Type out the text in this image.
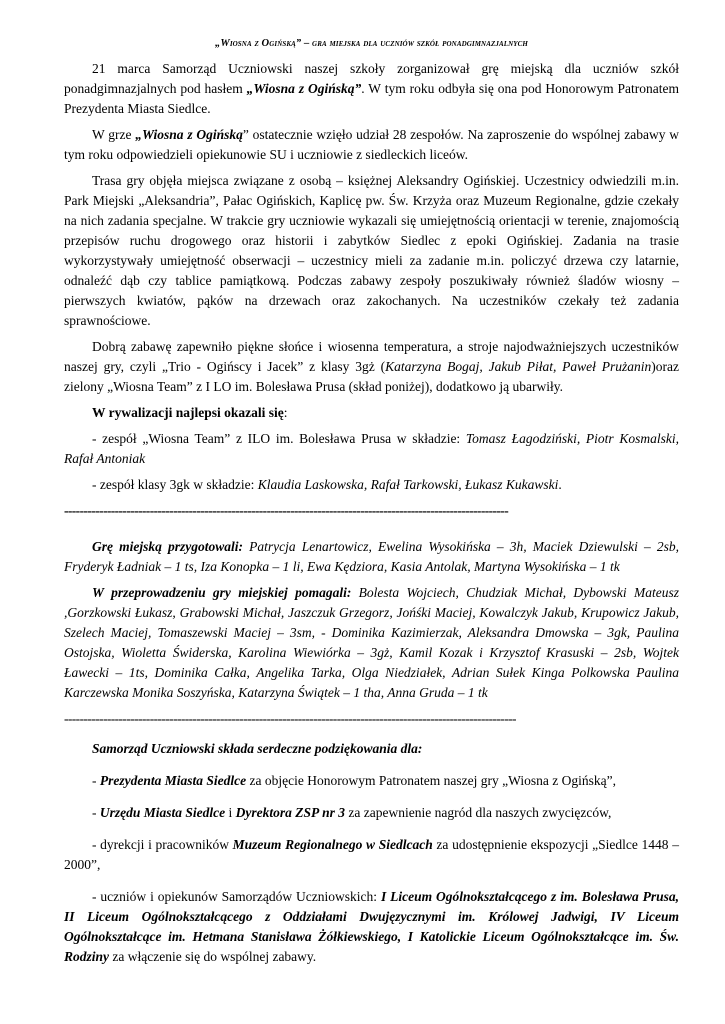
„Wiosna z Ogińską” – gra miejska dla uczniów szkół ponadgimnazjalnych

21 marca Samorząd Uczniowski naszej szkoły zorganizował grę miejską dla uczniów szkół ponadgimnazjalnych pod hasłem „Wiosna z Ogińską”. W tym roku odbyła się ona pod Honorowym Patronatem Prezydenta Miasta Siedlce.

W grze „Wiosna z Ogińską” ostatecznie wzięło udział 28 zespołów. Na zaproszenie do wspólnej zabawy w tym roku odpowiedzieli opiekunowie SU i uczniowie z siedleckich liceów.

Trasa gry objęła miejsca związane z osobą – księżnej Aleksandry Ogińskiej. Uczestnicy odwiedzili m.in. Park Miejski „Aleksandria”, Pałac Ogińskich, Kaplicę pw. Św. Krzyża oraz Muzeum Regionalne, gdzie czekały na nich zadania specjalne. W trakcie gry uczniowie wykazali się umiejętnością orientacji w terenie, znajomością przepisów ruchu drogowego oraz historii i zabytków Siedlec z epoki Ogińskiej. Zadania na trasie wykorzystywały umiejętność obserwacji – uczestnicy mieli za zadanie m.in. policzyć drzewa czy latarnie, odnaleźć dąb czy tablice pamiątkową. Podczas zabawy zespoły poszukiwały również śladów wiosny – pierwszych kwiatów, pąków na drzewach oraz zakochanych. Na uczestników czekały też zadania sprawnościowe.

Dobrą zabawę zapewniło piękne słońce i wiosenna temperatura, a stroje najodważniejszych uczestników naszej gry, czyli „Trio - Ogińscy i Jacek” z klasy 3gż (Katarzyna Bogaj, Jakub Piłat, Paweł Prużanin)oraz zielony „Wiosna Team” z I LO im. Bolesława Prusa (skład poniżej), dodatkowo ją ubarwiły.

W rywalizacji najlepsi okazali się:

- zespół „Wiosna Team” z ILO im. Bolesława Prusa w składzie: Tomasz Łagodziński, Piotr Kosmalski, Rafał Antoniak

- zespół klasy 3gk w składzie: Klaudia Laskowska, Rafał Tarkowski, Łukasz Kukawski.

------------------------------------------------------------------------------------------------------------------

Grę miejską przygotowali: Patrycja Lenartowicz, Ewelina Wysokińska – 3h, Maciek Dziewulski – 2sb, Fryderyk Ładniak – 1 ts, Iza Konopka – 1 li, Ewa Kędziora, Kasia Antolak, Martyna Wysokińska – 1 tk

W przeprowadzeniu gry miejskiej pomagali: Bolesta Wojciech, Chudziak Michał, Dybowski Mateusz ,Gorzkowski Łukasz, Grabowski Michał, Jaszczuk Grzegorz, Jońśki Maciej, Kowalczyk Jakub, Krupowicz Jakub, Szelech Maciej, Tomaszewski Maciej – 3sm, - Dominika Kazimierzak, Aleksandra Dmowska – 3gk, Paulina Ostojska, Wioletta Świderska, Karolina Wiewiórka – 3gż, Kamil Kozak i Krzysztof Krasuski – 2sb, Wojtek Ławecki – 1ts, Dominika Całka, Angelika Tarka, Olga Niedziałek, Adrian Sułek Kinga Polkowska Paulina Karczewska Monika Soszyńska, Katarzyna Świątek – 1 tha, Anna Gruda – 1 tk

--------------------------------------------------------------------------------------------------------------------

Samorząd Uczniowski składa serdeczne podziękowania dla:

- Prezydenta Miasta Siedlce za objęcie Honorowym Patronatem naszej gry „Wiosna z Ogińską”,

- Urzędu Miasta Siedlce i Dyrektora ZSP nr 3 za zapewnienie nagród dla naszych zwycięzców,

- dyrekcji i pracowników Muzeum Regionalnego w Siedlcach za udostępnienie ekspozycji „Siedlce 1448 – 2000”,

- uczniów i opiekunów Samorządów Uczniowskich: I Liceum Ogólnokształcącego z im. Bolesława Prusa, II Liceum Ogólnokształcącego z Oddziałami Dwujęzycznymi im. Królowej Jadwigi, IV Liceum Ogólnokształcące im. Hetmana Stanisława Żółkiewskiego, I Katolickie Liceum Ogólnokształcące im. Św. Rodziny za włączenie się do wspólnej zabawy.
